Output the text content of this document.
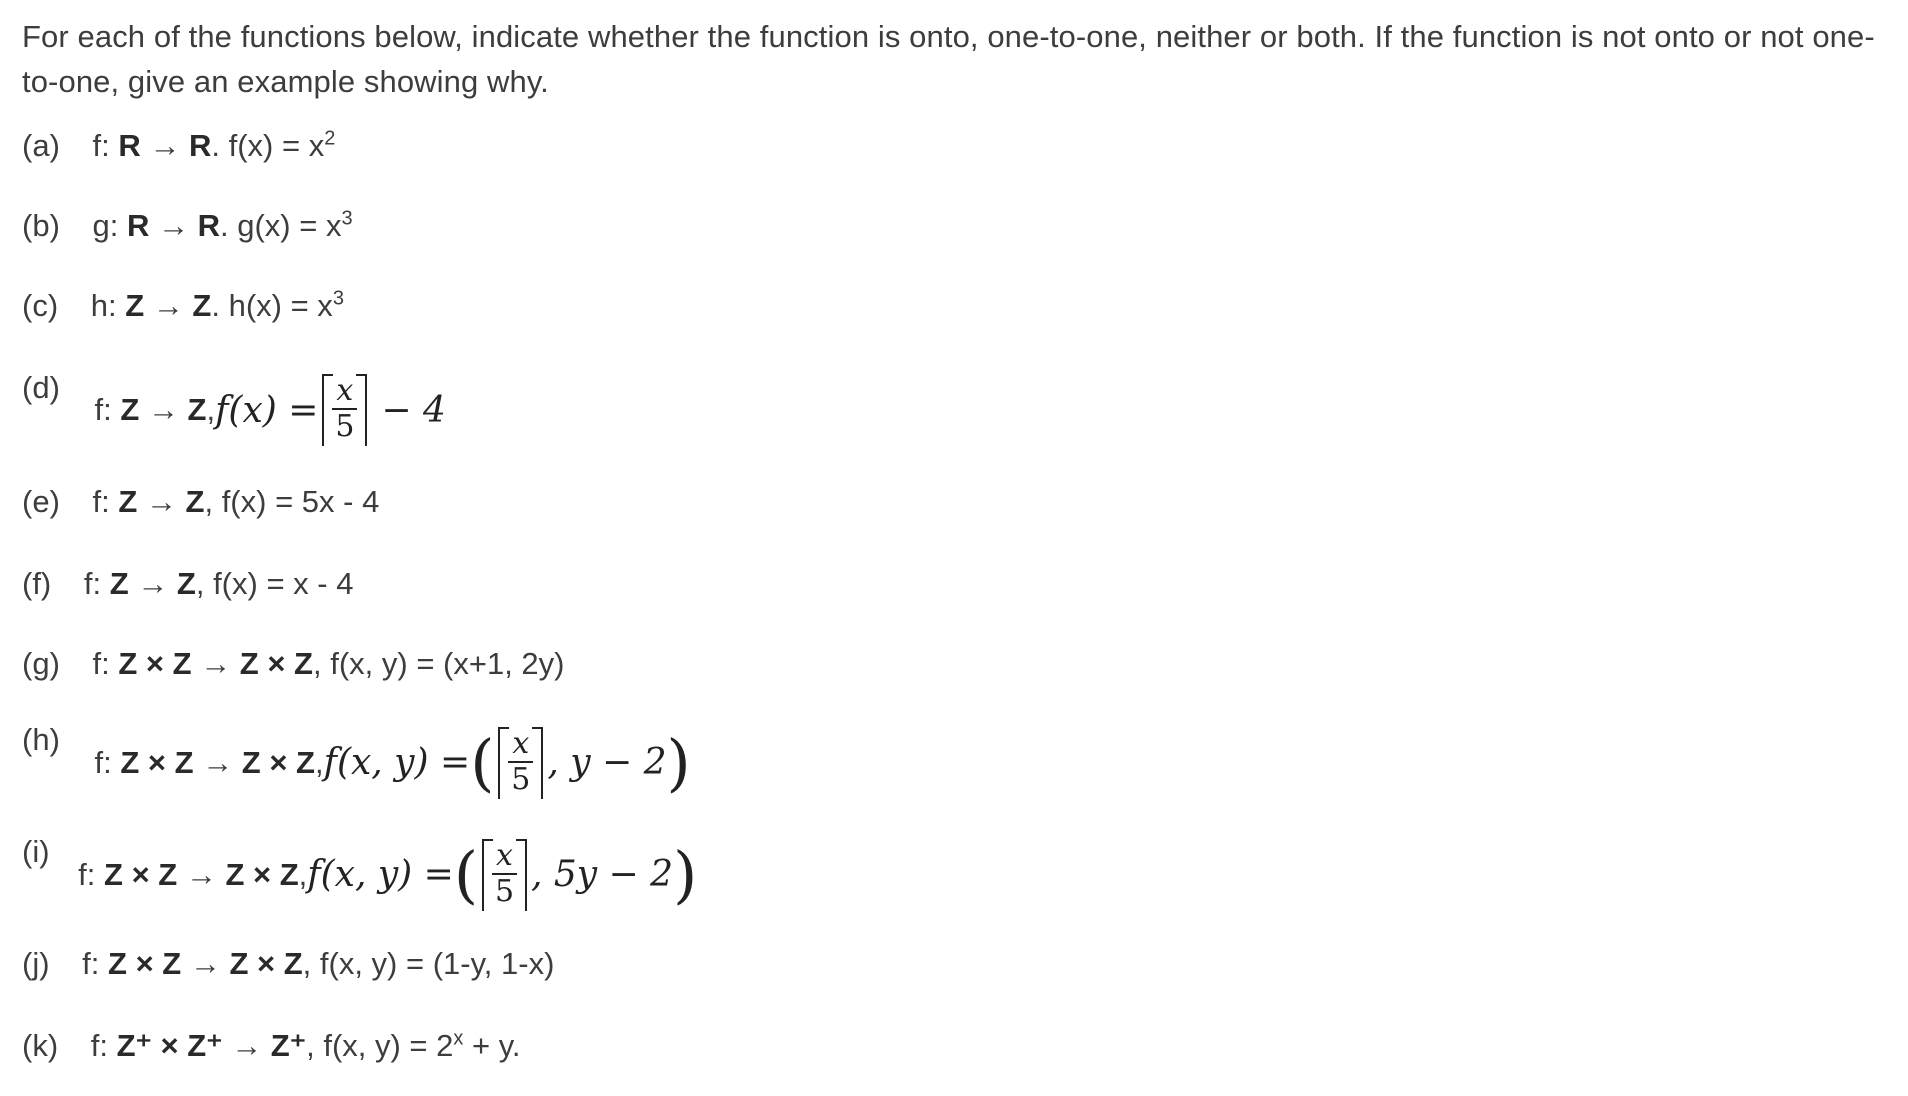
For each of the functions below, indicate whether the function is onto, one-to-one, neither or both. If the function is not onto or not one-to-one, give an example showing why.
(a) f: R → R. $f(x) = x^2$
(b) g: R → R. $g(x) = x^3$
(c) h: Z → Z. $h(x) = x^3$
(d)
f: Z → Z, $f(x) = \frac{x}{5} - 4$
(e) f: Z → Z, f(x) = 5x - 4
(f) f: Z → Z, f(x) = x - 4
(g) f: Z × Z → Z × Z, f(x, y) = (x+1, 2y)
(h)
f: Z × Z → Z × Z, f(x, y) = ( $\frac{x}{5}$ , y − 2 )
(i)
f: Z × Z → Z × Z, f(x, y) = ( $\frac{x}{5}$ , 5y − 2 )
(j) f: Z × Z → Z × Z, f(x, y) = (1-y, 1-x)
(k) f: Z⁺ × Z⁺ → Z⁺, f(x, $y) = 2^x + y$.
